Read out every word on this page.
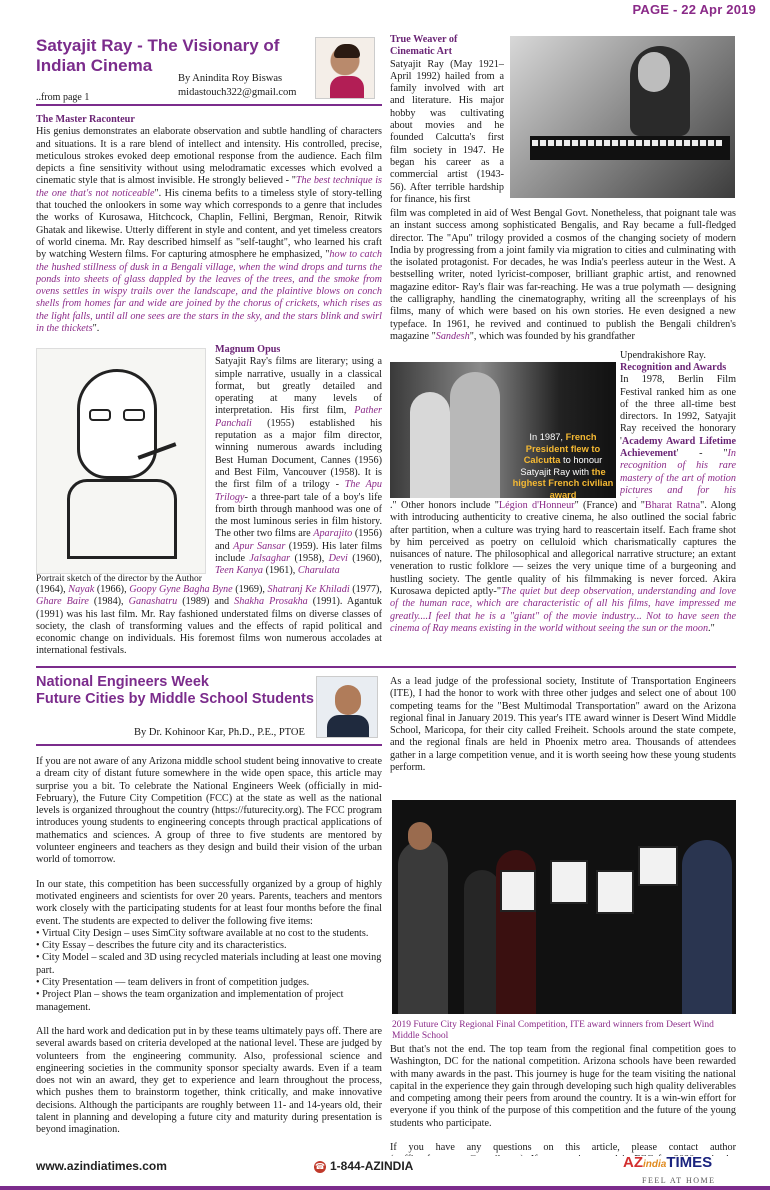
PAGE - 22 Apr 2019
Satyajit Ray - The Visionary of Indian Cinema
By Anindita Roy Biswas
midastouch322@gmail.com
..from page 1
The Master Raconteur

His genius demonstrates an elaborate observation and subtle handling of characters and situations. It is a rare blend of intellect and intensity. His controlled, precise, meticulous strokes evoked deep emotional response from the audience. Each film depicts a fine sensitivity without using melodramatic excesses which evolved a cinematic style that is almost invisible. He strongly believed - "The best technique is the one that's not noticeable". His cinema befits to a timeless style of story-telling that touched the onlookers in some way which corresponds to a genre that includes the works of Kurosawa, Hitchcock, Chaplin, Fellini, Bergman, Renoir, Ritwik Ghatak and likewise. Utterly different in style and content, and yet timeless creators of world cinema. Mr. Ray described himself as "self-taught", who learned his craft by watching Western films. For capturing atmosphere he emphasized, "how to catch the hushed stillness of dusk in a Bengali village, when the wind drops and turns the ponds into sheets of glass dappled by the leaves of the trees, and the smoke from ovens settles in wispy trails over the landscape, and the plaintive blows on conch shells from homes far and wide are joined by the chorus of crickets, which rises as the light falls, until all one sees are the stars in the sky, and the stars blink and swirl in the thickets".

True Weaver of Cinematic Art

Satyajit Ray (May 1921–April 1992) hailed from a family involved with art and literature. His major hobby was cultivating about movies and he founded Calcutta's first film society in 1947. He began his career as a commercial artist (1943-56). After terrible hardship for finance, his first

film was completed in aid of West Bengal Govt. Nonetheless, that poignant tale was an instant success among sophisticated Bengalis, and Ray became a full-fledged director. The "Apu" trilogy provided a cosmos of the changing society of modern India by progressing from a joint family via migration to cities and culminating with the isolated protagonist. For decades, he was India's peerless auteur in the West. A bestselling writer, noted lyricist-composer, brilliant graphic artist, and renowned magazine editor- Ray's flair was far-reaching. He was a true polymath — designing the calligraphy, handling the cinematography, writing all the screenplays of his films, many of which were based on his own stories. He even designed a new typeface. In 1961, he revived and continued to publish the Bengali children's magazine "Sandesh", which was founded by his grandfather

Upendrakishore Ray.
Portrait sketch of the director by the Author
Magnum Opus

Satyajit Ray's films are literary; using a simple narrative, usually in a classical format, but greatly detailed and operating at many levels of interpretation. His first film, Pather Panchali (1955) established his reputation as a major film director, winning numerous awards including Best Human Document, Cannes (1956) and Best Film, Vancouver (1958). It is the first film of a trilogy - The Apu Trilogy- a three-part tale of a boy's life from birth through manhood was one of the most luminous series in film history. The other two films are Aparajito (1956) and Apur Sansar (1959). His later films include Jalsaghar (1958), Devi (1960), Teen Kanya (1961), Charulata

(1964), Nayak (1966), Goopy Gyne Bagha Byne (1969), Shatranj Ke Khiladi (1977), Ghare Baire (1984), Ganashatru (1989) and Shakha Prosakha (1991). Agantuk (1991) was his last film. Mr. Ray fashioned understated films on diverse classes of society, the clash of transforming values and the effects of rapid political and economic change on individuals. His foremost films won numerous accolades at international festivals.

In 1987, French President flew to Calcutta to honour Satyajit Ray with the highest French civilian award
Recognition and Awards

In 1978, Berlin Film Festival ranked him as one of the three all-time best directors. In 1992, Satyajit Ray received the honorary 'Academy Award Lifetime Achievement' - "In recognition of his rare mastery of the art of motion pictures and for his

." Other honors include "Légion d'Honneur" (France) and "Bharat Ratna". Along with introducing authenticity to creative cinema, he also outlined the social fabric after partition, when a culture was trying hard to reascertain itself. Each frame shot by him perceived as poetry on celluloid which charismatically captures the nuisances of nature. The philosophical and allegorical narrative structure; an extant veneration to rustic folklore — seizes the very unique time of a burgeoning and hustling society. The gentle quality of his filmmaking is never forced. Akira Kurosawa depicted aptly-"The quiet but deep observation, understanding and love of the human race, which are characteristic of all his films, have impressed me greatly....I feel that he is a "giant" of the movie industry... Not to have seen the cinema of Ray means existing in the world without seeing the sun or the moon."

National Engineers Week
Future Cities by Middle School Students
By Dr. Kohinoor Kar, Ph.D., P.E., PTOE

If you are not aware of any Arizona middle school student being innovative to create a dream city of distant future somewhere in the wide open space, this article may surprise you a bit. To celebrate the National Engineers Week (officially in mid-February), the Future City Competition (FCC) at the state as well as the national levels is organized throughout the country (https://futurecity.org). The FCC program introduces young students to engineering concepts through practical applications of mathematics and sciences. A group of three to five students are mentored by volunteer engineers and teachers as they design and build their vision of the urban world of tomorrow.

In our state, this competition has been successfully organized by a group of highly motivated engineers and scientists for over 20 years. Parents, teachers and mentors work closely with the participating students for at least four months before the final event. The students are expected to deliver the following five items:

• Virtual City Design – uses SimCity software available at no cost to the students.
• City Essay – describes the future city and its characteristics.
• City Model – scaled and 3D using recycled materials including at least one moving part.
• City Presentation –– team delivers in front of competition judges.
• Project Plan – shows the team organization and implementation of project management.

All the hard work and dedication put in by these teams ultimately pays off. There are several awards based on criteria developed at the national level. These are judged by volunteers from the engineering community. Also, professional science and engineering societies in the community sponsor specialty awards. Even if a team does not win an award, they get to experience and learn throughout the process, which pushes them to brainstorm together, think critically, and make innovative decisions. Although the participants are roughly between 11- and 14-years old, their talent in planning and developing a future city and maturity during presentation is beyond imagination.

As a lead judge of the professional society, Institute of Transportation Engineers (ITE), I had the honor to work with three other judges and select one of about 100 competing teams for the "Best Multimodal Transportation" award on the Arizona regional final in January 2019. This year's ITE award winner is Desert Wind Middle School, Maricopa, for their city called Freiheit. Schools around the state compete, and the regional finals are held in Phoenix metro area. Thousands of attendees gather in a large competition venue, and it is worth seeing how these young students perform.

2019 Future City Regional Final Competition, ITE award winners from Desert Wind Middle School

But that's not the end. The top team from the regional final competition goes to Washington, DC for the national competition. Arizona schools have been rewarded with many awards in the past. This journey is huge for the team visiting the national capital in the experience they gain through developing such high quality deliverables and competing among their peers from around the country. It is a win-win effort for everyone if you think of the purpose of this competition and the future of the young students who participate.

If you have any questions on this article, please contact author

www.azindiatimes.com	☎ 1-844-AZINDIA	AZindiaTIMES
FEEL AT HOME
